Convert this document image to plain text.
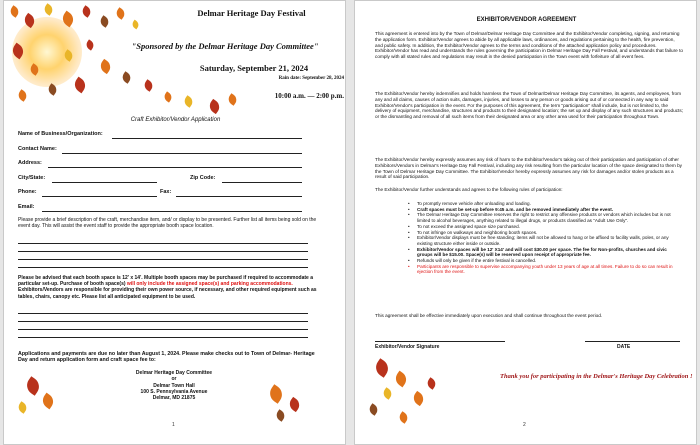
Delmar Heritage Day Festival
"Sponsored by the Delmar Heritage Day Committee"
Saturday, September 21, 2024
Rain date: September 28, 2024
10:00 a.m. — 2:00 p.m.
Craft Exhibitor/Vendor Application
Name of Business/Organization:
Contact Name:
Address:
City/State:	Zip Code:
Phone:	Fax:
Email:
Please provide a brief description of the craft, merchandise item, and/ or display to be presented. Further list all items being sold on the event day. This will assist the event staff to provide the appropriate booth space location.
Please be advised that each booth space is 12' x 14'. Multiple booth spaces may be purchased if required to accommodate a particular set-up. Purchase of booth space(s) will only include the assigned space(s) and parking accommodations. Exhibitors/Vendors are responsible for providing their own power source, if necessary, and other required equipment such as tables, chairs, canopy etc. Please list all anticipated equipment to be used.
Applications and payments are due no later than August 1, 2024. Please make checks out to Town of Delmar- Heritage Day and return application form and craft space fee to:
Delmar Heritage Day Committee
or
Delmar Town Hall
100 S. Pennsylvania Avenue
Delmar, MD 21875
1
EXHIBITOR/VENDOR AGREEMENT
This agreement is entered into by the Town of Delmar/Delmar Heritage Day Committee and the Exhibitor/Vendor completing, signing, and returning the application form. Exhibitor/Vendor agrees to abide by all applicable laws, ordinances, and regulations pertaining to the health, fire prevention, and public safety. In addition, the Exhibitor/Vendor agrees to the terms and conditions of the attached application policy and procedures. Exhibitor/Vendor has read and understands the rules governing the participation in Delmar Heritage Day Fall Festival, and understands that failure to comply with all stated rules and regulations may result in the denied participation in the Town event with forfeiture of all event fees.
The Exhibitor/Vendor hereby indemnifies and holds harmless the Town of Delmar/Delmar Heritage Day Committee, its agents, and employees, from any and all claims, causes of action suits, damages, injuries, and losses to any person or goods arising out of or connected in any way to said Exhibitor/Vendor's participation in the event. For the purposes of this agreement, the term "participation" shall include, but is not limited to, the delivery of equipment, merchandise, structures and products to their designated location; the set up and display of any such structures and products; or the dismantling and removal of all such items from their designated area or any other area used for their participation throughout Town.
The Exhibitor/Vendor hereby expressly assumes any risk of harm to the Exhibitor/Vendor's taking out of their participation and participation of other Exhibitors/Vendors in Delmar's Heritage Day Fall Festival, including any risk resulting from the particular location of the space designated to them by the Town of Delmar Heritage Day Committee. The Exhibitor/Vendor hereby expressly assumes any risk for damages and/or stolen products as a result of said participation.
The Exhibitor/Vendor further understands and agrees to the following rules of participation:
• To promptly remove vehicle after unloading and loading.
• Craft spaces must be set-up before 9:45 a.m. and be removed immediately after the event.
• The Delmar Heritage Day Committee reserves the right to restrict any offensive products or vendors which includes but is not limited to alcohol beverages, anything related to illegal drugs, or products classified as "Adult Use Only".
• To not exceed the assigned space size purchased.
• To not infringe on walkways and neighboring booth spaces.
• Exhibitor/Vendor displays must be free standing; items will not be allowed to hang or be affixed to facility walls, poles, or any existing structure either inside or outside.
• Exhibitor/Vendor spaces will be 12' X14' and will cost $30.00 per space. The fee for Non-profits, churches and civic groups will be $15.00. Space(s) will be reserved upon receipt of appropriate fee.
• Refunds will only be given if the entire festival is cancelled.
• Participants are responsible to supervise accompanying youth under 13 years of age at all times. Failure to do so can result in ejection from the event.
This agreement shall be effective immediately upon execution and shall continue throughout the event period.
Exhibitor/Vendor Signature	DATE
Thank you for participating in the Delmar's Heritage Day Celebration !
2
